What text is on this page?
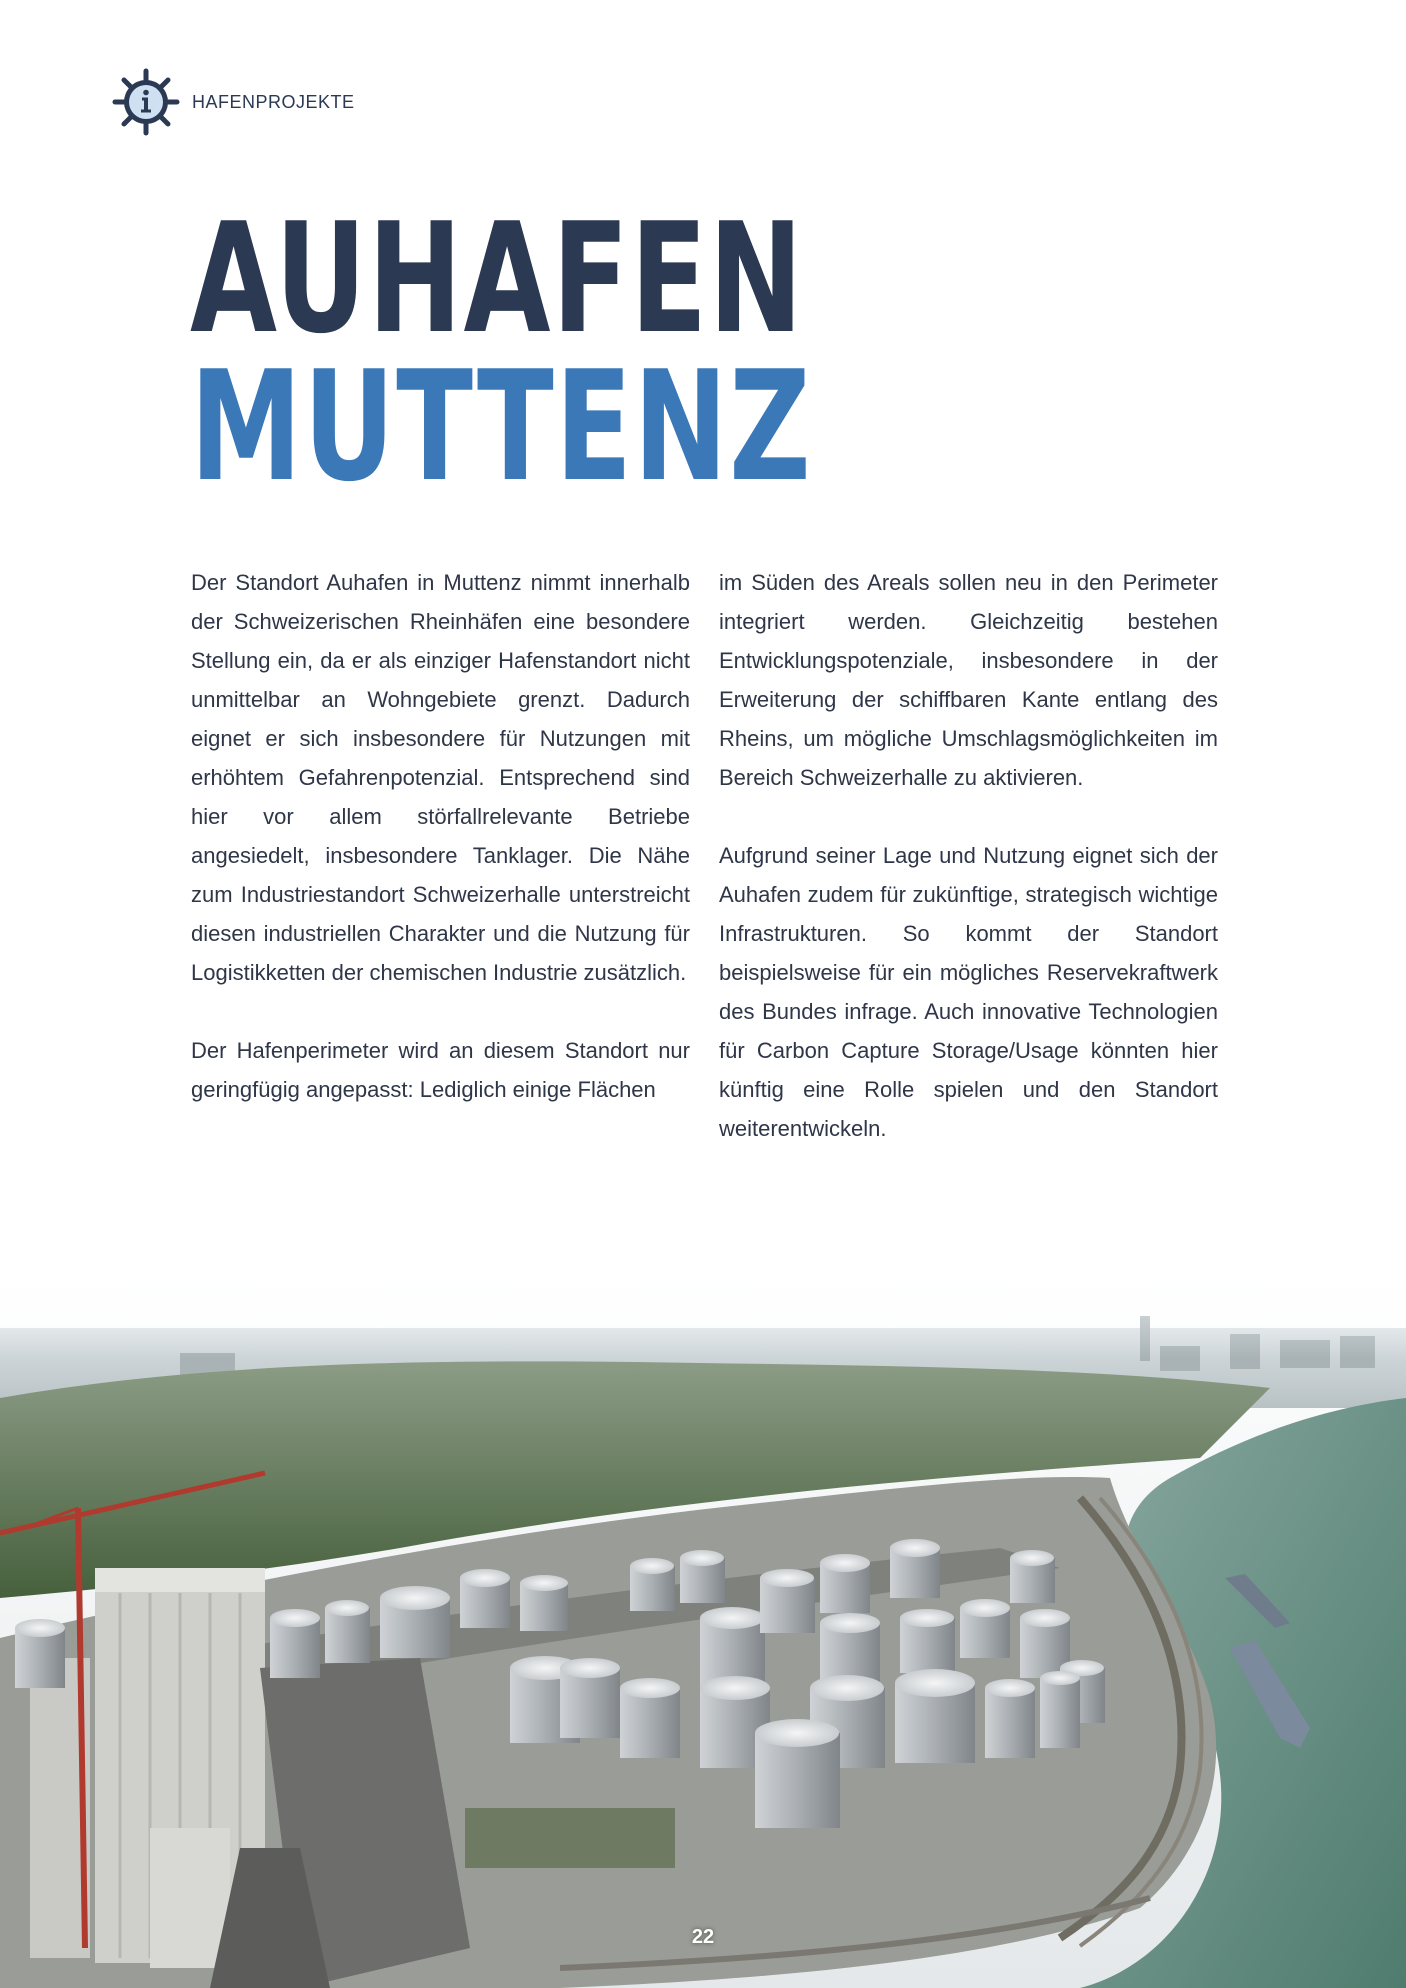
HAFENPROJEKTE
AUHAFEN
MUTTENZ

Der Standort Auhafen in Muttenz nimmt innerhalb der Schweizerischen Rheinhäfen eine besondere Stellung ein, da er als einziger Hafenstandort nicht unmittelbar an Wohngebiete grenzt. Dadurch eignet er sich insbesondere für Nutzungen mit erhöhtem Gefahrenpotenzial. Entsprechend sind hier vor allem störfallrelevante Betriebe angesiedelt, insbesondere Tanklager. Die Nähe zum Industriestandort Schweizerhalle unterstreicht diesen industriellen Charakter und die Nutzung für Logistikketten der chemischen Industrie zusätzlich.

Der Hafenperimeter wird an diesem Standort nur geringfügig angepasst: Lediglich einige Flächen

im Süden des Areals sollen neu in den Perimeter integriert werden. Gleichzeitig bestehen Entwicklungspotenziale, insbesondere in der Erweiterung der schiffbaren Kante entlang des Rheins, um mögliche Umschlagsmöglichkeiten im Bereich Schweizerhalle zu aktivieren.

Aufgrund seiner Lage und Nutzung eignet sich der Auhafen zudem für zukünftige, strategisch wichtige Infrastrukturen. So kommt der Standort beispielsweise für ein mögliches Reservekraftwerk des Bundes infrage. Auch innovative Technologien für Carbon Capture Storage/Usage könnten hier künftig eine Rolle spielen und den Standort weiterentwickeln.

22
